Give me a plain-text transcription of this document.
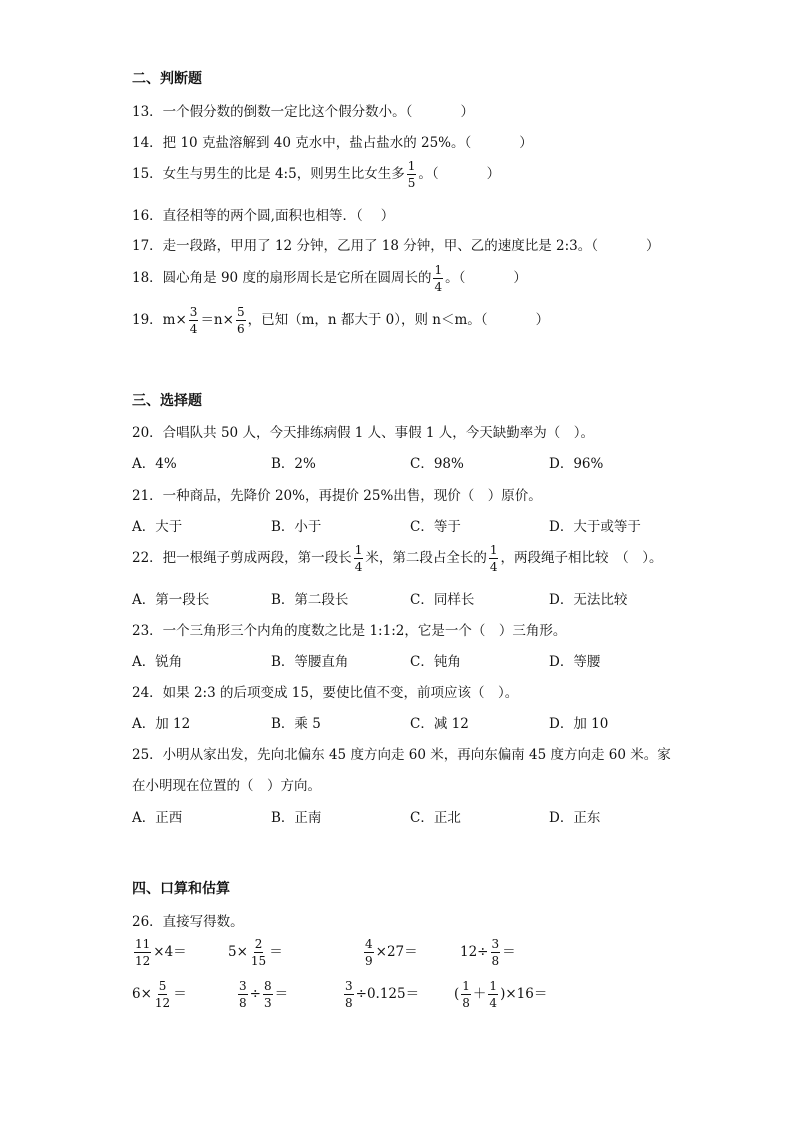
二、判断题
13．一个假分数的倒数一定比这个假分数小。（	）
14．把 10 克盐溶解到 40 克水中，盐占盐水的 25%。（	）
15．女生与男生的比是 4:5，则男生比女生多 $\frac{1}{5}$ 。（	）
16．直径相等的两个圆,面积也相等．（ ）
17．走一段路，甲用了 12 分钟，乙用了 18 分钟，甲、乙的速度比是 2:3。（	）
18．圆心角是 90 度的扇形周长是它所在圆周长的 $\frac{1}{4}$ 。（	）
19．$m\times \frac{3}{4} =n\times \frac{5}{6}$ ，已知（m，n 都大于 0），则 n＜m。（	）
三、选择题
20．合唱队共 50 人，今天排练病假 1 人、事假 1 人，今天缺勤率为（　）。
A．4%	B．2%	C．98%	D．96%
21．一种商品，先降价 20%，再提价 25%出售，现价（　）原价。
A．大于	B．小于	C．等于	D．大于或等于
22．把一根绳子剪成两段，第一段长 $\frac{1}{4}$ 米，第二段占全长的 $\frac{1}{4}$ ，两段绳子相比较　（　）。
A．第一段长	B．第二段长	C．同样长	D．无法比较
23．一个三角形三个内角的度数之比是 1:1:2，它是一个（　）三角形。
A．锐角	B．等腰直角	C．钝角	D．等腰
24．如果 2:3 的后项变成 15，要使比值不变，前项应该（　）。
A．加 12	B．乘 5	C．减 12	D．加 10
25．小明从家出发，先向北偏东 45 度方向走 60 米，再向东偏南 45 度方向走 60 米。家
在小明现在位置的（　）方向。
A．正西	B．正南	C．正北	D．正东
四、口算和估算
26．直接写得数。
$\frac{11}{12} \times 4=$	$5\times \frac{2}{15}$ ＝	$\frac{4}{9} \times 27=$	$12\div \frac{3}{8}$ ＝
$6\times \frac{5}{12}$ ＝	$\frac{3}{8} \div \frac{8}{3}$ ＝	$\frac{3}{8} \div 0.125=$	( $\frac{1}{8} + \frac{1}{4} )\times 16=$
